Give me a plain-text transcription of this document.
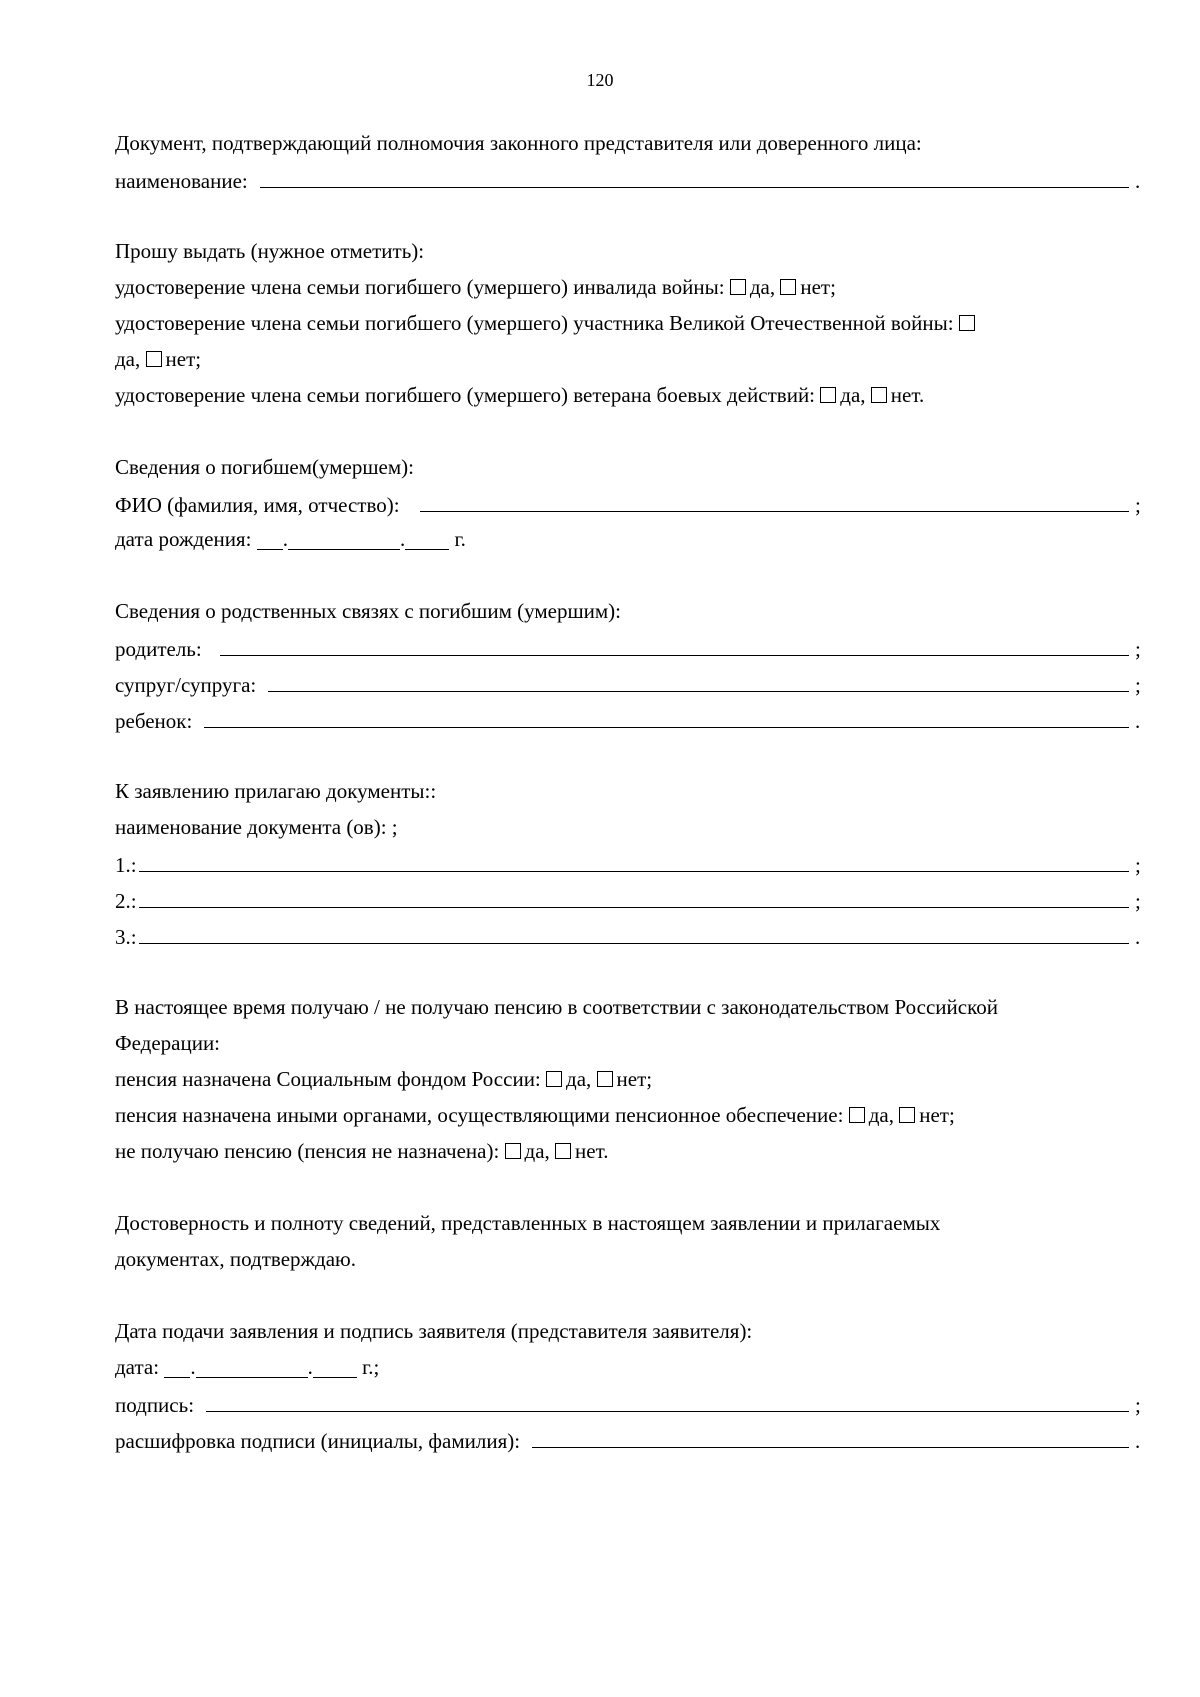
120
Документ, подтверждающий полномочия законного представителя или доверенного лица:
наименование:	.
Прошу выдать (нужное отметить):
удостоверение члена семьи погибшего (умершего) инвалида войны: да, нет;
удостоверение члена семьи погибшего (умершего) участника Великой Отечественной войны:
да, нет;
удостоверение члена семьи погибшего (умершего) ветерана боевых действий: да, нет.
Сведения о погибшем(умершем):
ФИО (фамилия, имя, отчество):	;
дата рождения: .	. г.
Сведения о родственных связях с погибшим (умершим):
родитель:	;
супруг/супруга:	;
ребенок:	.
К заявлению прилагаю документы::
наименование документа (ов): ;
1.:	;
2.:	;
3.:	.
В настоящее время получаю / не получаю пенсию в соответствии с законодательством Российской
Федерации:
пенсия назначена Социальным фондом России: да, нет;
пенсия назначена иными органами, осуществляющими пенсионное обеспечение: да, нет;
не получаю пенсию (пенсия не назначена): да, нет.
Достоверность и полноту сведений, представленных в настоящем заявлении и прилагаемых
документах, подтверждаю.
Дата подачи заявления и подпись заявителя (представителя заявителя):
дата: .	. г.;
подпись:	;
расшифровка подписи (инициалы, фамилия):	.
